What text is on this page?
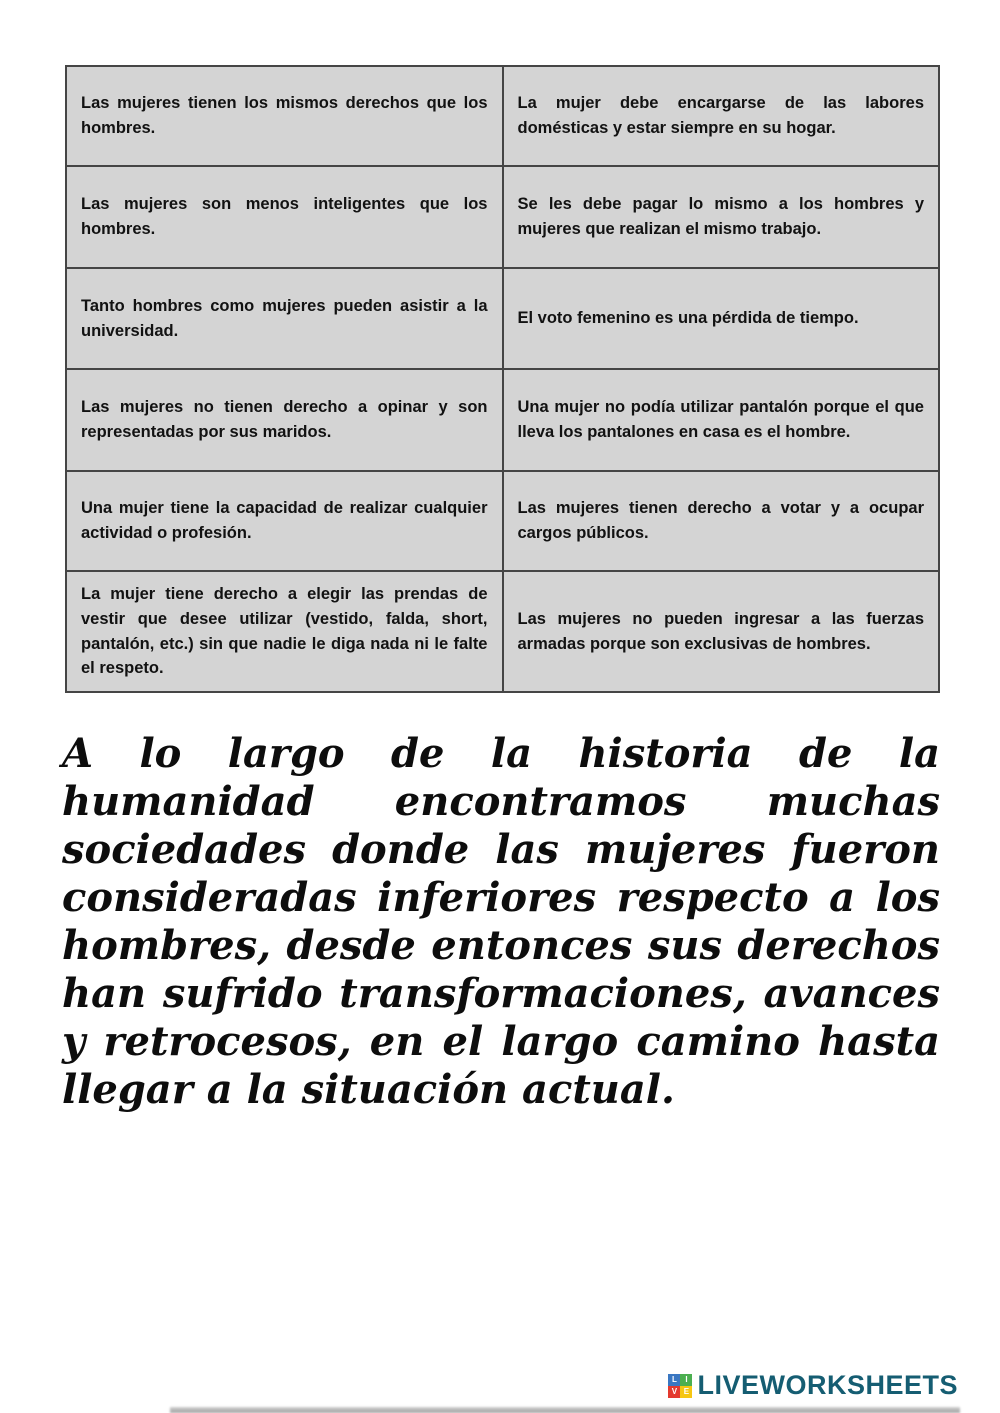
Las mujeres tienen los mismos derechos que los hombres.	La mujer debe encargarse de las labores domésticas y estar siempre en su hogar.

Las mujeres son menos inteligentes que los hombres.	Se les debe pagar lo mismo a los hombres y mujeres que realizan el mismo trabajo.

Tanto hombres como mujeres pueden asistir a la universidad.	El voto femenino es una pérdida de tiempo.

Las mujeres no tienen derecho a opinar y son representadas por sus maridos.	Una mujer no podía utilizar pantalón porque el que lleva los pantalones en casa es el hombre.

Una mujer tiene la capacidad de realizar cualquier actividad o profesión.	Las mujeres tienen derecho a votar y a ocupar cargos públicos.

La mujer tiene derecho a elegir las prendas de vestir que desee utilizar (vestido, falda, short, pantalón, etc.) sin que nadie le diga nada ni le falte el respeto.	Las mujeres no pueden ingresar a las fuerzas armadas porque son exclusivas de hombres.

A lo largo de la historia de la humanidad encontramos muchas sociedades donde las mujeres fueron consideradas inferiores respecto a los hombres, desde entonces sus derechos han sufrido transformaciones, avances y retrocesos, en el largo camino hasta llegar a la situación actual.

L	I
V E LIVEWORKSHEETS
